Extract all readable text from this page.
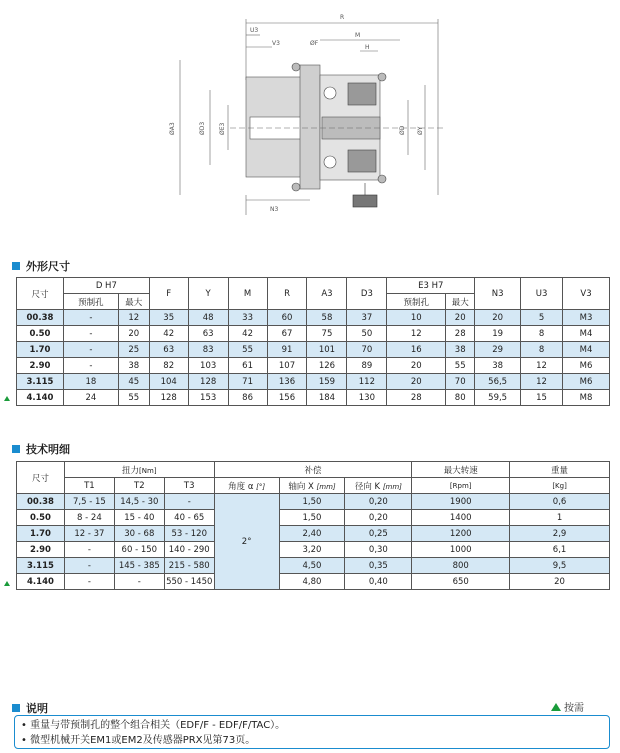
R
U3
V3
M
H
ØA3	ØD3 ØE3	ØD ØY
N3
ØF
外形尺寸
尺寸	D H7		F	Y	M	R	A3	D3	E3 H7		N3	U3	V3
	预制孔	最大							预制孔	最大			
00.38	-	12	35	48	33	60	58	37	10	20	20	5	M3
0.50	-	20	42	63	42	67	75	50	12	28	19	8	M4
1.70	-	25	63	83	55	91	101	70	16	38	29	8	M4
2.90	-	38	82	103	61	107	126	89	20	55	38	12	M6
3.115	18	45	104	128	71	136	159	112	20	70	56,5	12	M6
4.140	24	55	128	153	86	156	184	130	28	80	59,5	15	M8
技术明细
尺寸	扭力[Nm]			补偿			最大转速	重量
	T1	T2	T3	角度 α [°]	轴向 X [mm]	径向 K [mm]	[Rpm]	[Kg]
00.38	7,5 - 15	14,5 - 30	-	2°	1,50	0,20	1900	0,6
0.50	8 - 24	15 - 40	40 - 65		1,50	0,20	1400	1
1.70	12 - 37	30 - 68	53 - 120		2,40	0,25	1200	2,9
2.90	-	60 - 150	140 - 290		3,20	0,30	1000	6,1
3.115	-	145 - 385	215 - 580		4,50	0,35	800	9,5
4.140	-	-	550 - 1450		4,80	0,40	650	20
说明	按需
• 重量与带预制孔的整个组合相关（EDF/F - EDF/F/TAC）。
• 微型机械开关EM1或EM2及传感器PRX见第73页。
